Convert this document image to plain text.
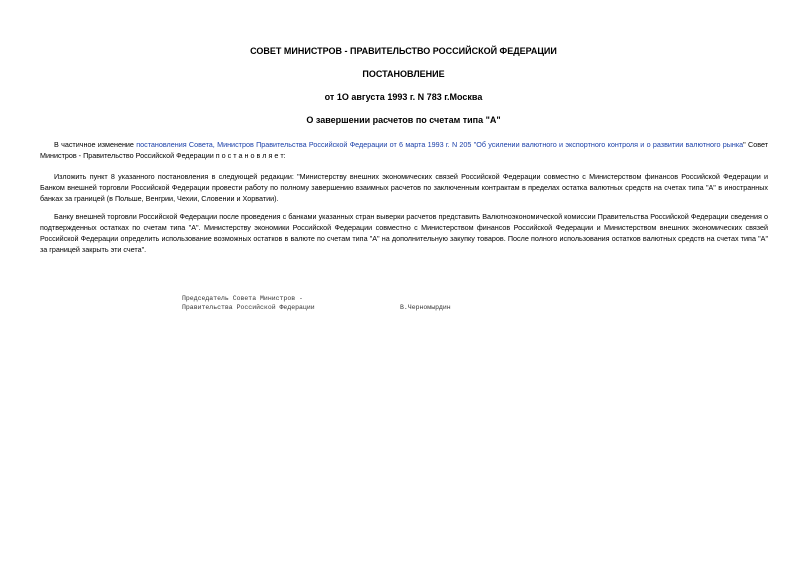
СОВЕТ МИНИСТРОВ - ПРАВИТЕЛЬСТВО РОССИЙСКОЙ ФЕДЕРАЦИИ
ПОСТАНОВЛЕНИЕ
от 1О августа 1993 г. N 783 г.Москва
О завершении расчетов по счетам типа "А"

В частичное изменение постановления Совета, Министров Правительства Российской Федерации от 6 марта 1993 г. N 205 "Об усилении валютного и экспортного контроля и о развитии валютного рынка" Совет Министров - Правительство Российской Федерации п о с т а н о в л я е т:

Изложить пункт 8 указанного постановления в следующей редакции: "Министерству внешних экономических связей Российской Федерации совместно с Министерством финансов Российской Федерации и Банком внешней торговли Российской Федерации провести работу по полному завершению взаимных расчетов по заключенным контрактам в пределах остатка валютных средств на счетах типа "А" в иностранных банках за границей (в Польше, Венгрии, Чехии, Словении и Хорватии).

Банку внешней торговли Российской Федерации после проведения с банками указанных стран выверки расчетов представить Валютноэкономической комиссии Правительства Российской Федерации сведения о подтвержденных остатках по счетам типа "А". Министерству экономики Российской Федерации совместно с Министерством финансов Российской Федерации и Министерством внешних экономических связей Российской Федерации определить использование возможных остатков в валюте по счетам типа "А" на дополнительную закупку товаров. После полного использования остатков валютных средств на счетах типа "А" за границей закрыть эти счета".

Председатель Совета Министров -
Правительства Российской Федерации	В.Черномырдин
